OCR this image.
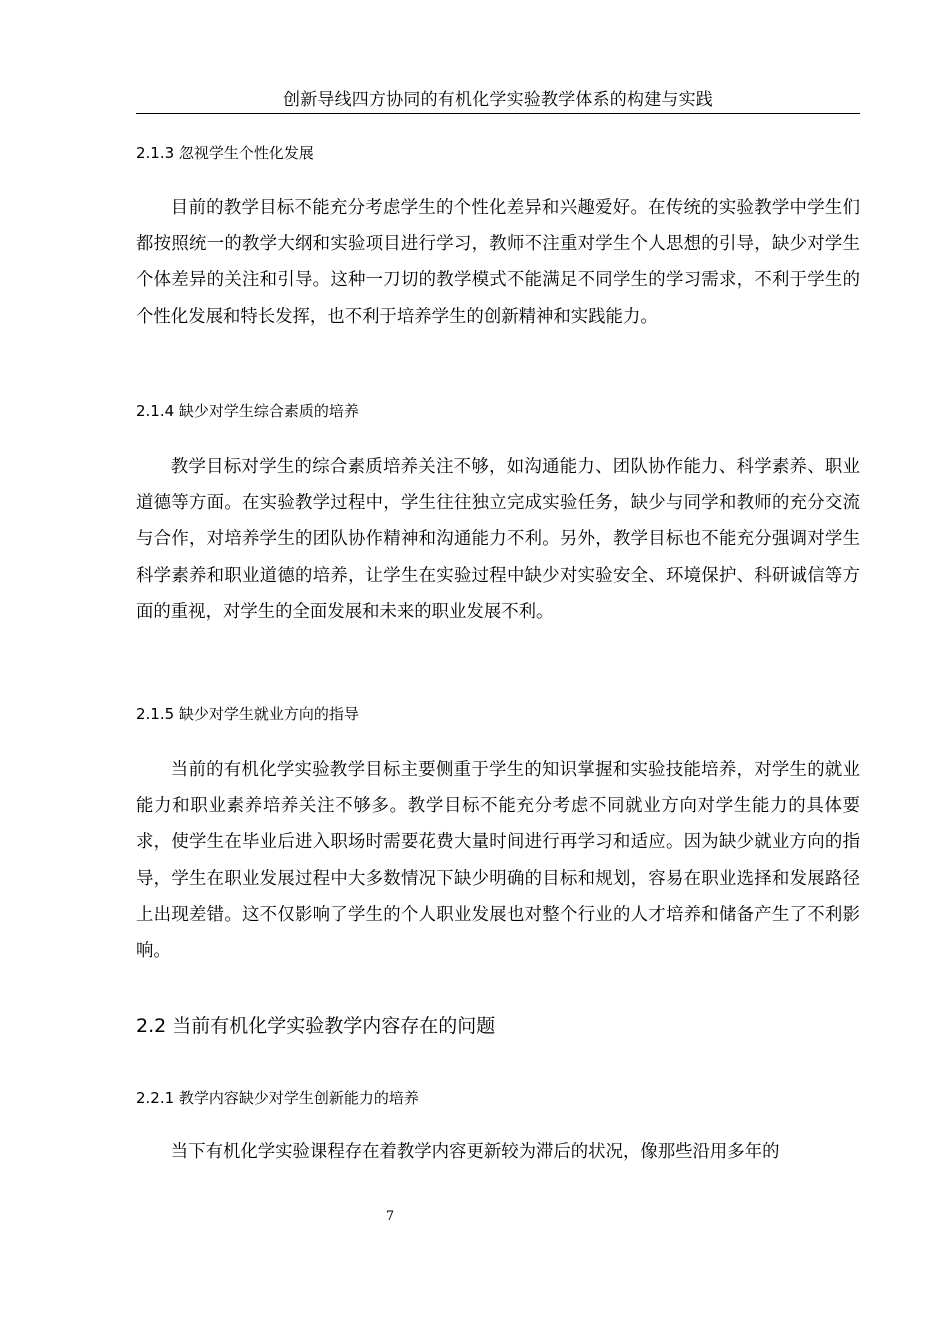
创新导线四方协同的有机化学实验教学体系的构建与实践
2.1.3 忽视学生个性化发展

目前的教学目标不能充分考虑学生的个性化差异和兴趣爱好。在传统的实验教学中学生们都按照统一的教学大纲和实验项目进行学习，教师不注重对学生个人思想的引导，缺少对学生个体差异的关注和引导。这种一刀切的教学模式不能满足不同学生的学习需求，不利于学生的个性化发展和特长发挥，也不利于培养学生的创新精神和实践能力。

2.1.4 缺少对学生综合素质的培养

教学目标对学生的综合素质培养关注不够，如沟通能力、团队协作能力、科学素养、职业道德等方面。在实验教学过程中，学生往往独立完成实验任务，缺少与同学和教师的充分交流与合作，对培养学生的团队协作精神和沟通能力不利。另外，教学目标也不能充分强调对学生科学素养和职业道德的培养，让学生在实验过程中缺少对实验安全、环境保护、科研诚信等方面的重视，对学生的全面发展和未来的职业发展不利。

2.1.5 缺少对学生就业方向的指导

当前的有机化学实验教学目标主要侧重于学生的知识掌握和实验技能培养，对学生的就业能力和职业素养培养关注不够多。教学目标不能充分考虑不同就业方向对学生能力的具体要求，使学生在毕业后进入职场时需要花费大量时间进行再学习和适应。因为缺少就业方向的指导，学生在职业发展过程中大多数情况下缺少明确的目标和规划，容易在职业选择和发展路径上出现差错。这不仅影响了学生的个人职业发展也对整个行业的人才培养和储备产生了不利影响。

2.2 当前有机化学实验教学内容存在的问题
2.2.1 教学内容缺少对学生创新能力的培养

当下有机化学实验课程存在着教学内容更新较为滞后的状况，像那些沿用多年的

7
